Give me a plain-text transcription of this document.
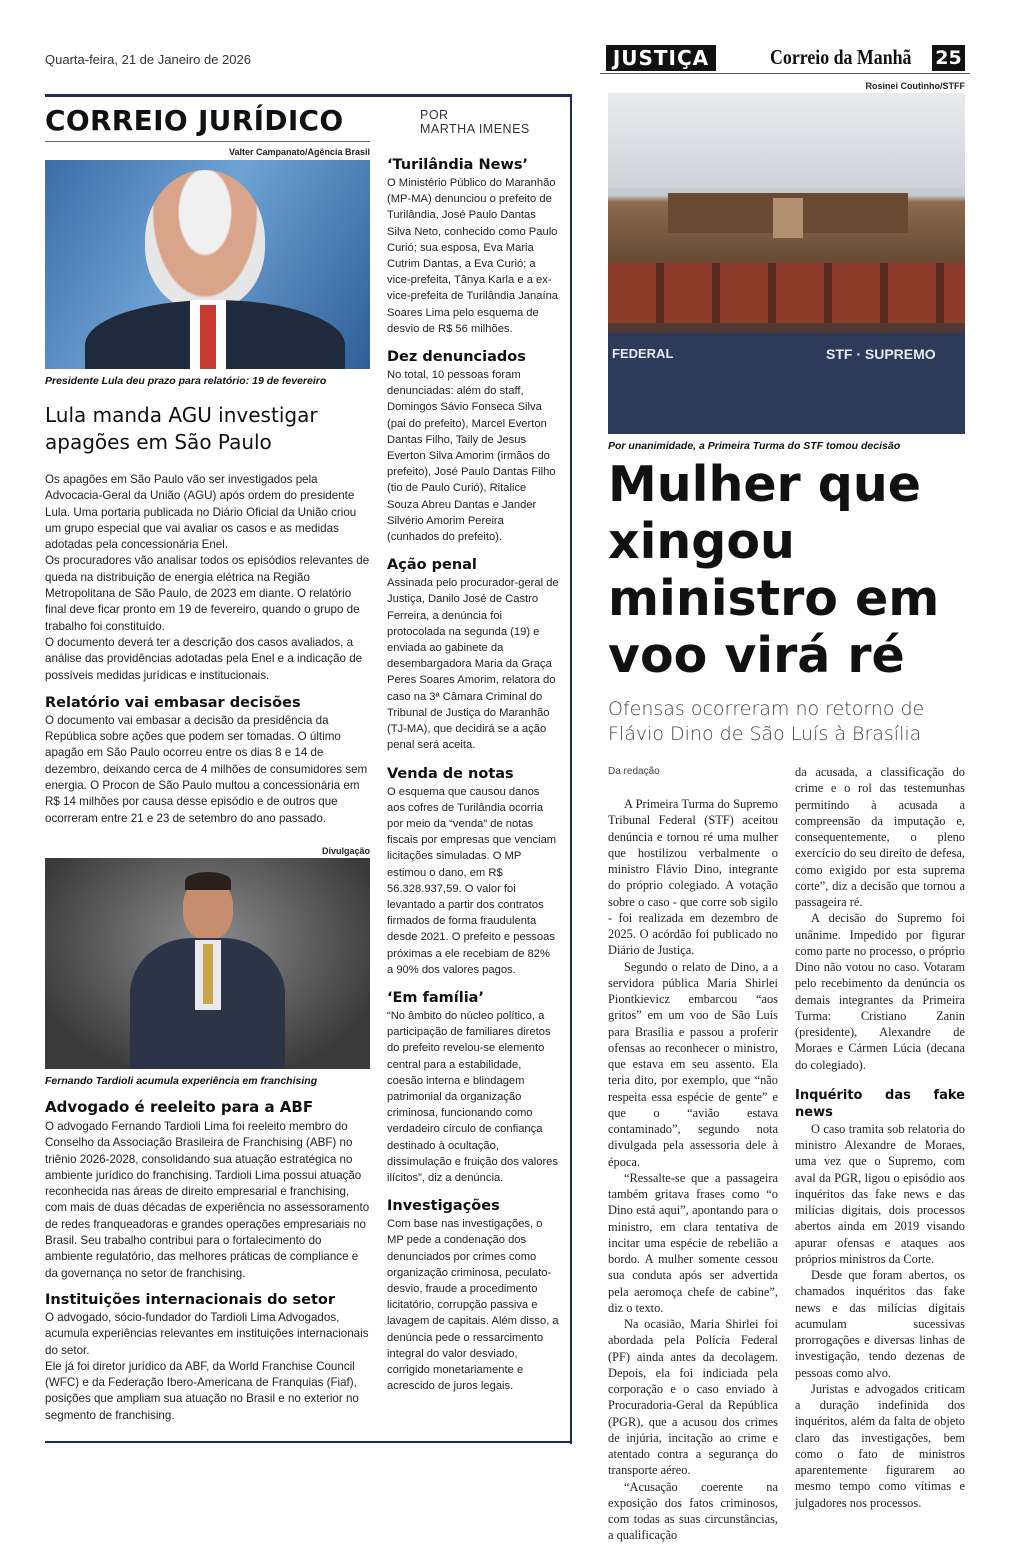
Quarta-feira, 21 de Janeiro de 2026	JUSTIÇA	Correio da Manhã 25
CORREIO JURÍDICO	POR
MARTHA IMENES
Valter Campanato/Agência Brasil
Presidente Lula deu prazo para relatório: 19 de fevereiro
Lula manda AGU investigar apagões em São Paulo

Os apagões em São Paulo vão ser investigados pela Advocacia-Geral da União (AGU) após ordem do presidente Lula. Uma portaria publicada no Diário Oficial da União criou um grupo especial que vai avaliar os casos e as medidas adotadas pela concessionária Enel.

Os procuradores vão analisar todos os episódios relevantes de queda na distribuição de energia elétrica na Região Metropolitana de São Paulo, de 2023 em diante. O relatório final deve ficar pronto em 19 de fevereiro, quando o grupo de trabalho foi constituído.

O documento deverá ter a descrição dos casos avaliados, a análise das providências adotadas pela Enel e a indicação de possíveis medidas jurídicas e institucionais.

Relatório vai embasar decisões

O documento vai embasar a decisão da presidência da República sobre ações que podem ser tomadas. O último apagão em São Paulo ocorreu entre os dias 8 e 14 de dezembro, deixando cerca de 4 milhões de consumidores sem energia. O Procon de São Paulo multou a concessionária em R$ 14 milhões por causa desse episódio e de outros que ocorreram entre 21 e 23 de setembro do ano passado.

Divulgação
Fernando Tardioli acumula experiência em franchising
Advogado é reeleito para a ABF

O advogado Fernando Tardioli Lima foi reeleito membro do Conselho da Associação Brasileira de Franchising (ABF) no triênio 2026-2028, consolidando sua atuação estratégica no ambiente jurídico do franchising. Tardioli Lima possui atuação reconhecida nas áreas de direito empresarial e franchising, com mais de duas décadas de experiência no assessoramento de redes franqueadoras e grandes operações empresariais no Brasil. Seu trabalho contribui para o fortalecimento do ambiente regulatório, das melhores práticas de compliance e da governança no setor de franchising.

Instituições internacionais do setor

O advogado, sócio-fundador do Tardioli Lima Advogados, acumula experiências relevantes em instituições internacionais do setor.

Ele já foi diretor jurídico da ABF, da World Franchise Council (WFC) e da Federação Ibero-Americana de Franquias (Fiaf), posições que ampliam sua atuação no Brasil e no exterior no segmento de franchising.

‘Turilândia News’

O Ministério Público do Maranhão (MP-MA) denunciou o prefeito de Turilândia, José Paulo Dantas Silva Neto, conhecido como Paulo Curió; sua esposa, Eva Maria Cutrim Dantas, a Eva Curió; a vice-prefeita, Tânya Karla e a ex-vice-prefeita de Turilândia Janaína Soares Lima pelo esquema de desvio de R$ 56 milhões.

Dez denunciados

No total, 10 pessoas foram denunciadas: além do staff, Domingos Sávio Fonseca Silva (pai do prefeito), Marcel Everton Dantas Filho, Taily de Jesus Everton Silva Amorim (irmãos do prefeito), José Paulo Dantas Filho (tio de Paulo Curió), Ritalice Souza Abreu Dantas e Jander Silvério Amorim Pereira (cunhados do prefeito).

Ação penal

Assinada pelo procurador-geral de Justiça, Danilo José de Castro Ferreira, a denúncia foi protocolada na segunda (19) e enviada ao gabinete da desembargadora Maria da Graça Peres Soares Amorim, relatora do caso na 3ª Câmara Criminal do Tribunal de Justiça do Maranhão (TJ-MA), que decidirá se a ação penal será aceita.

Venda de notas

O esquema que causou danos aos cofres de Turilândia ocorria por meio da “venda” de notas fiscais por empresas que venciam licitações simuladas. O MP estimou o dano, em R$ 56.328.937,59. O valor foi levantado a partir dos contratos firmados de forma fraudulenta desde 2021. O prefeito e pessoas próximas a ele recebiam de 82% a 90% dos valores pagos.

‘Em família’

“No âmbito do núcleo político, a participação de familiares diretos do prefeito revelou-se elemento central para a estabilidade, coesão interna e blindagem patrimonial da organização criminosa, funcionando como verdadeiro círculo de confiança destinado à ocultação, dissimulação e fruição dos valores ilícitos”, diz a denúncia.

Investigações

Com base nas investigações, o MP pede a condenação dos denunciados por crimes como organização criminosa, peculato-desvio, fraude a procedimento licitatório, corrupção passiva e lavagem de capitais. Além disso, a denúncia pede o ressarcimento integral do valor desviado, corrigido monetariamente e acrescido de juros legais.

Rosinei Coutinho/STFF
FEDERAL	STF · SUPREMO
Por unanimidade, a Primeira Turma do STF tomou decisão
Mulher que xingou ministro em voo virá ré
Ofensas ocorreram no retorno de Flávio Dino de São Luís à Brasília
Da redação

A Primeira Turma do Supremo Tribunal Federal (STF) aceitou denúncia e tornou ré uma mulher que hostilizou verbalmente o ministro Flávio Dino, integrante do próprio colegiado. A votação sobre o caso - que corre sob sigilo - foi realizada em dezembro de 2025. O acórdão foi publicado no Diário de Justiça.

Segundo o relato de Dino, a a servidora pública Maria Shirlei Piontkievicz embarcou “aos gritos” em um voo de São Luís para Brasília e passou a proferir ofensas ao reconhecer o ministro, que estava em seu assento. Ela teria dito, por exemplo, que “não respeita essa espécie de gente” e que o “avião estava contaminado”, segundo nota divulgada pela assessoria dele à época.

“Ressalte-se que a passageira também gritava frases como “o Dino está aqui”, apontando para o ministro, em clara tentativa de incitar uma espécie de rebelião a bordo. A mulher somente cessou sua conduta após ser advertida pela aeromoça chefe de cabine”, diz o texto.

Na ocasião, Maria Shirlei foi abordada pela Polícia Federal (PF) ainda antes da decolagem. Depois, ela foi indiciada pela corporação e o caso enviado à Procuradoria-Geral da República (PGR), que a acusou dos crimes de injúria, incitação ao crime e atentado contra a segurança do transporte aéreo.

“Acusação coerente na exposição dos fatos criminosos, com todas as suas circunstâncias, a qualificação

da acusada, a classificação do crime e o rol das testemunhas permitindo à acusada a compreensão da imputação e, consequentemente, o pleno exercício do seu direito de defesa, como exigido por esta suprema corte”, diz a decisão que tornou a passageira ré.

A decisão do Supremo foi unânime. Impedido por figurar como parte no processo, o próprio Dino não votou no caso. Votaram pelo recebimento da denúncia os demais integrantes da Primeira Turma: Cristiano Zanin (presidente), Alexandre de Moraes e Cármen Lúcia (decana do colegiado).

Inquérito das fake news

O caso tramita sob relatoria do ministro Alexandre de Moraes, uma vez que o Supremo, com aval da PGR, ligou o episódio aos inquéritos das fake news e das milícias digitais, dois processos abertos ainda em 2019 visando apurar ofensas e ataques aos próprios ministros da Corte.

Desde que foram abertos, os chamados inquéritos das fake news e das milícias digitais acumulam sucessivas prorrogações e diversas linhas de investigação, tendo dezenas de pessoas como alvo.

Juristas e advogados criticam a duração indefinida dos inquéritos, além da falta de objeto claro das investigações, bem como o fato de ministros aparentemente figurarem ao mesmo tempo como vítimas e julgadores nos processos.
